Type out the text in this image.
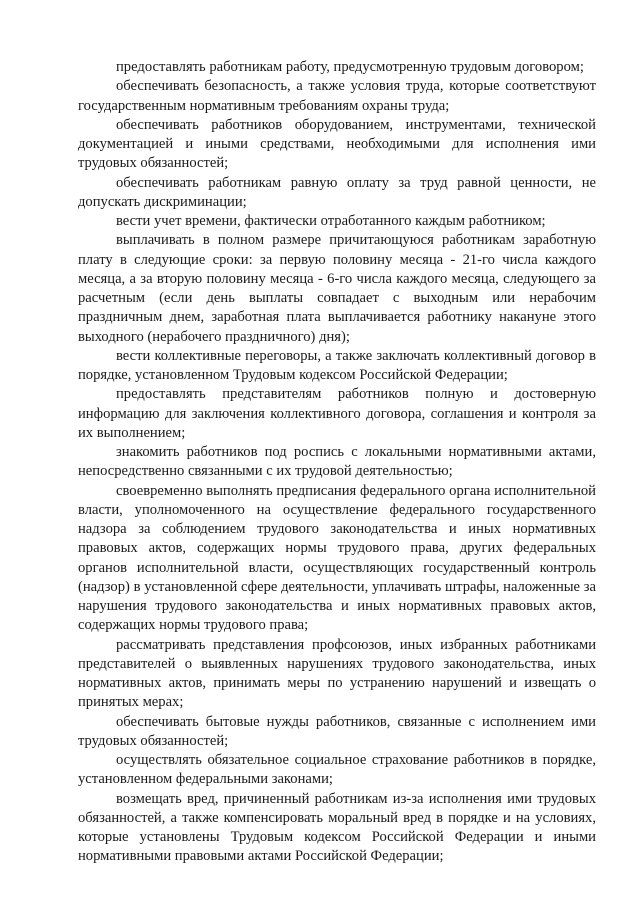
предоставлять работникам работу, предусмотренную трудовым договором;

обеспечивать безопасность, а также условия труда, которые соответствуют государственным нормативным требованиям охраны труда;

обеспечивать работников оборудованием, инструментами, технической документацией и иными средствами, необходимыми для исполнения ими трудовых обязанностей;

обеспечивать работникам равную оплату за труд равной ценности, не допускать дискриминации;

вести учет времени, фактически отработанного каждым работником;

выплачивать в полном размере причитающуюся работникам заработную плату в следующие сроки: за первую половину месяца - 21-го числа каждого месяца, а за вторую половину месяца - 6-го числа каждого месяца, следующего за расчетным (если день выплаты совпадает с выходным или нерабочим праздничным днем, заработная плата выплачивается работнику накануне этого выходного (нерабочего праздничного) дня);

вести коллективные переговоры, а также заключать коллективный договор в порядке, установленном Трудовым кодексом Российской Федерации;

предоставлять представителям работников полную и достоверную информацию для заключения коллективного договора, соглашения и контроля за их выполнением;

знакомить работников под роспись с локальными нормативными актами, непосредственно связанными с их трудовой деятельностью;

своевременно выполнять предписания федерального органа исполнительной власти, уполномоченного на осуществление федерального государственного надзора за соблюдением трудового законодательства и иных нормативных правовых актов, содержащих нормы трудового права, других федеральных органов исполнительной власти, осуществляющих государственный контроль (надзор) в установленной сфере деятельности, уплачивать штрафы, наложенные за нарушения трудового законодательства и иных нормативных правовых актов, содержащих нормы трудового права;

рассматривать представления профсоюзов, иных избранных работниками представителей о выявленных нарушениях трудового законодательства, иных нормативных актов, принимать меры по устранению нарушений и извещать о принятых мерах;

обеспечивать бытовые нужды работников, связанные с исполнением ими трудовых обязанностей;

осуществлять обязательное социальное страхование работников в порядке, установленном федеральными законами;

возмещать вред, причиненный работникам из-за исполнения ими трудовых обязанностей, а также компенсировать моральный вред в порядке и на условиях, которые установлены Трудовым кодексом Российской Федерации и иными нормативными правовыми актами Российской Федерации;
